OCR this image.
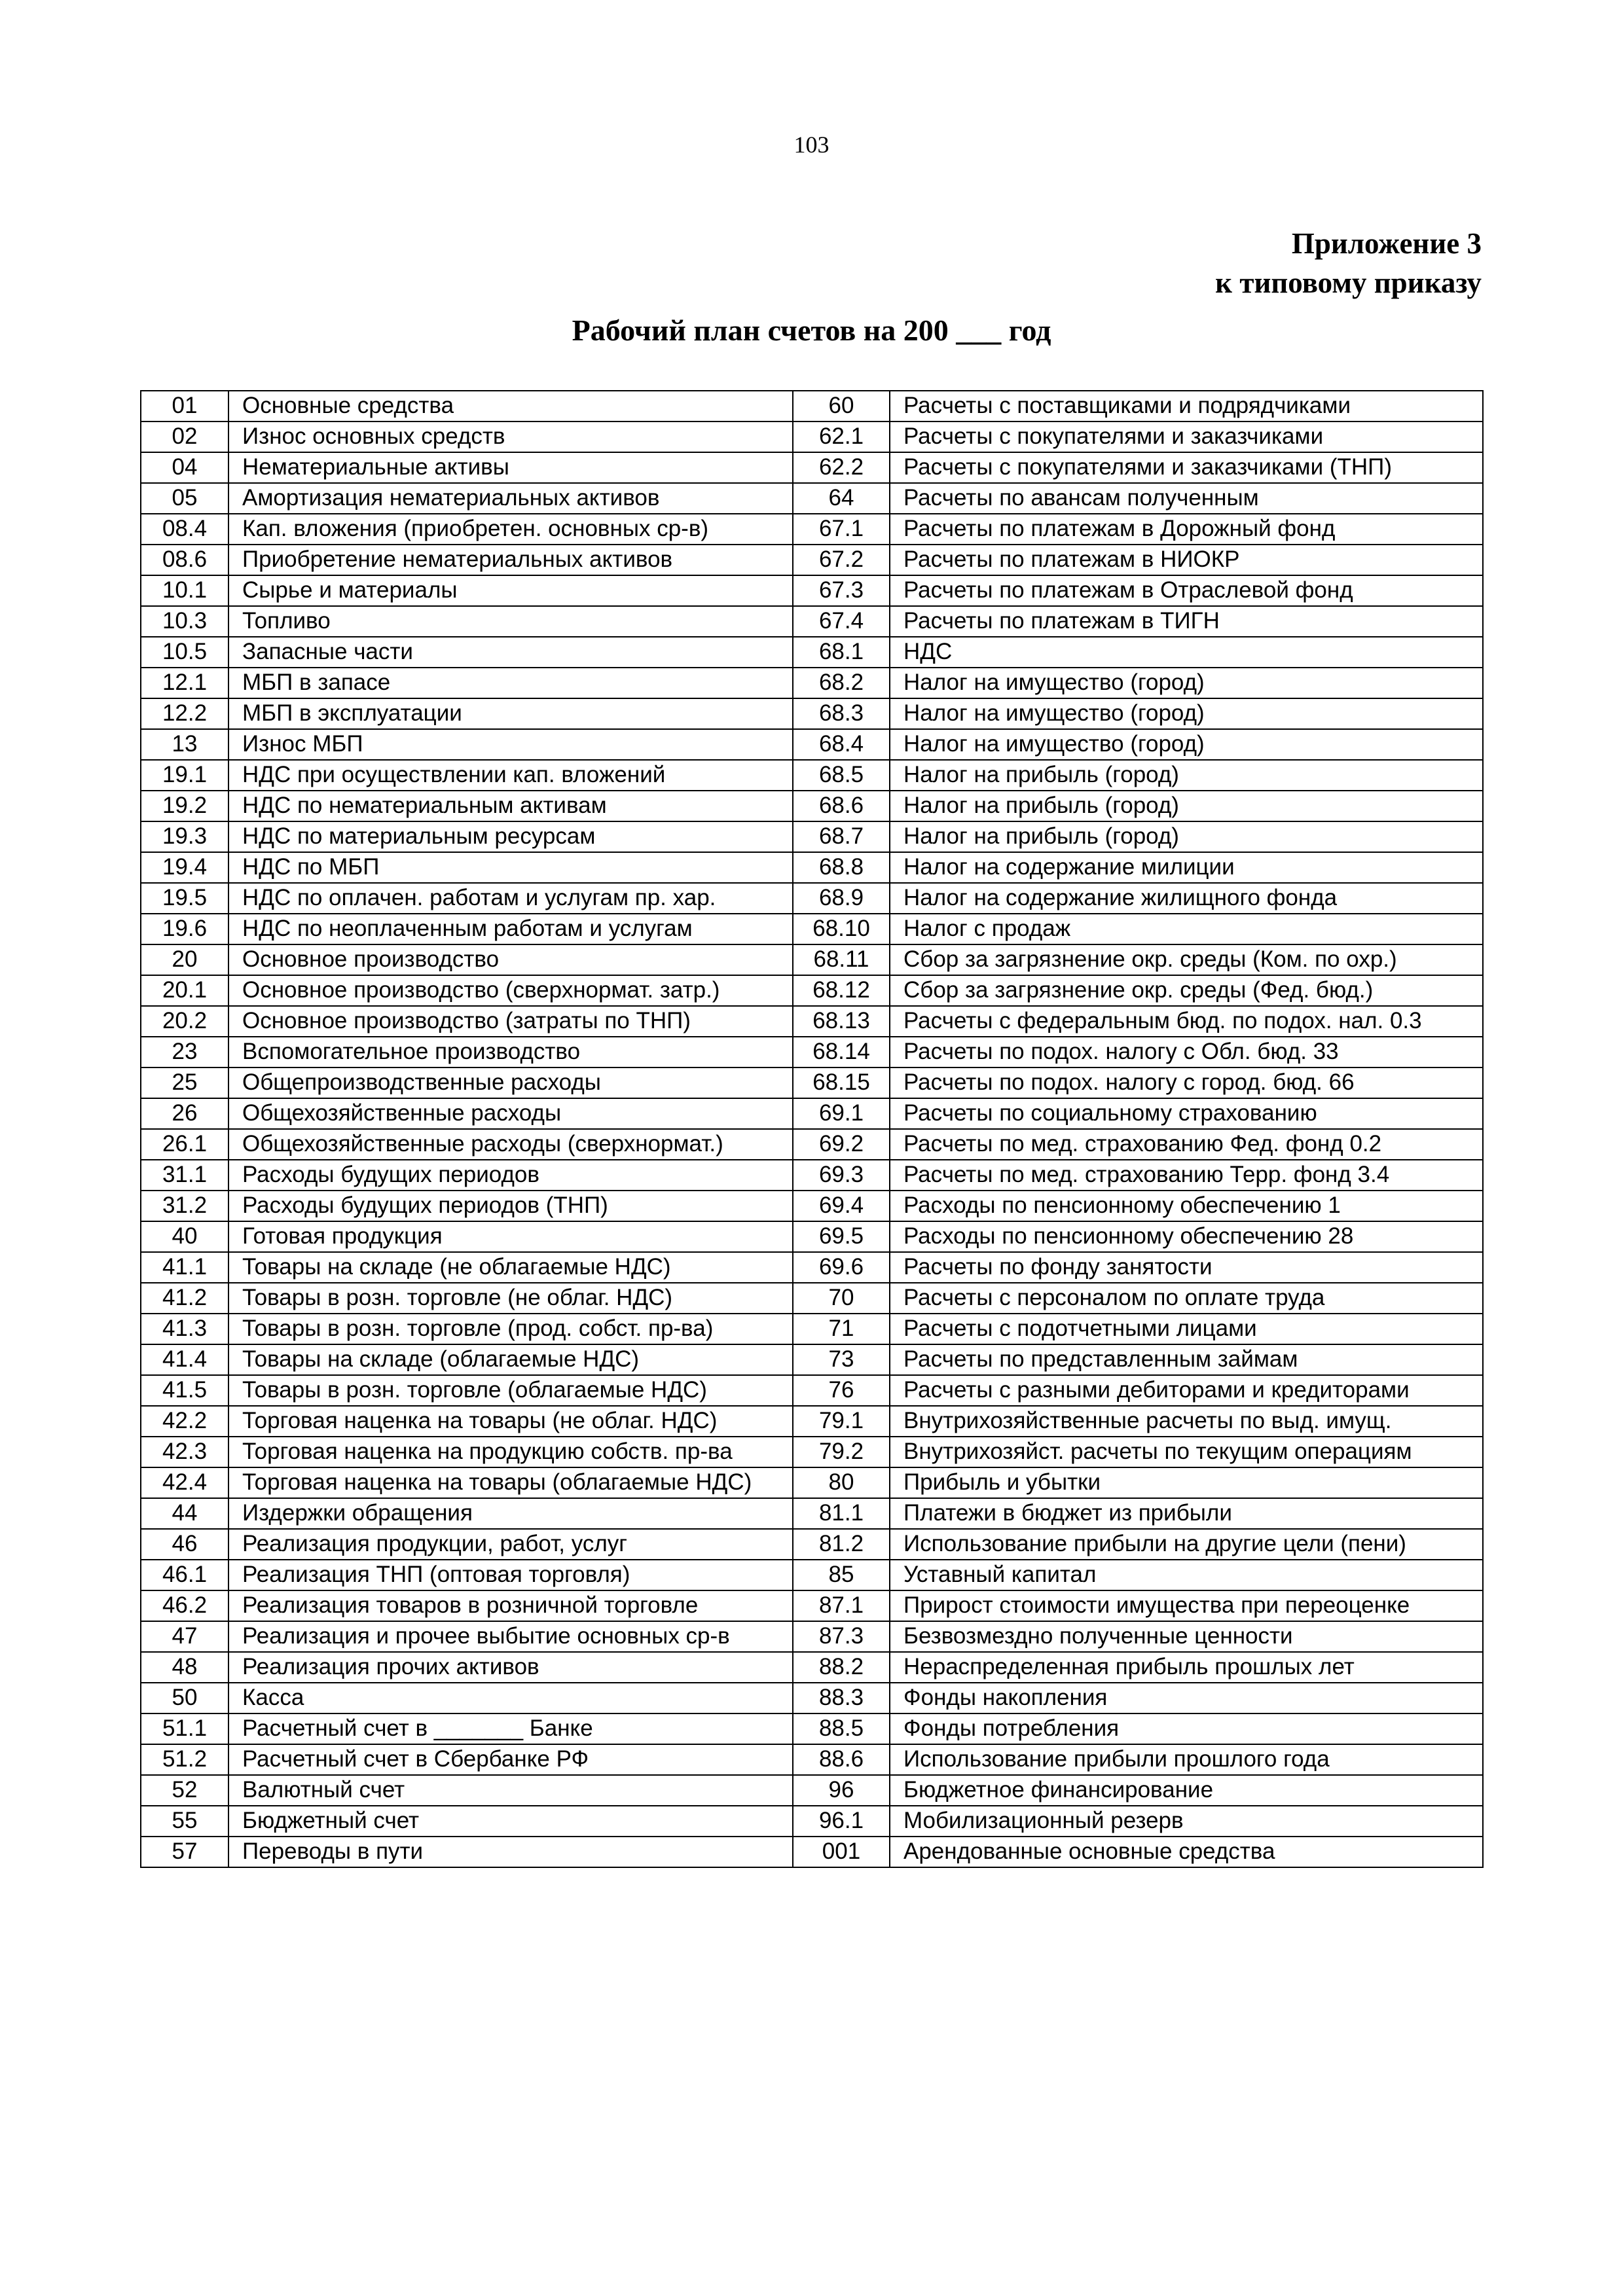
103
Приложение 3
к типовому приказу
Рабочий план счетов на 200 ___ год
01	Основные средства	60	Расчеты с поставщиками и подрядчиками
02	Износ основных средств	62.1	Расчеты с покупателями и заказчиками
04	Нематериальные активы	62.2	Расчеты с покупателями и заказчиками (ТНП)
05	Амортизация нематериальных активов	64	Расчеты по авансам полученным
08.4	Кап. вложения (приобретен. основных ср-в)	67.1	Расчеты по платежам в Дорожный фонд
08.6	Приобретение нематериальных активов	67.2	Расчеты по платежам в НИОКР
10.1	Сырье и материалы	67.3	Расчеты по платежам в Отраслевой фонд
10.3	Топливо	67.4	Расчеты по платежам в ТИГН
10.5	Запасные части	68.1	НДС
12.1	МБП в запасе	68.2	Налог на имущество (город)
12.2	МБП в эксплуатации	68.3	Налог на имущество (город)
13	Износ МБП	68.4	Налог на имущество (город)
19.1	НДС при осуществлении кап. вложений	68.5	Налог на прибыль (город)
19.2	НДС по нематериальным активам	68.6	Налог на прибыль (город)
19.3	НДС по материальным ресурсам	68.7	Налог на прибыль (город)
19.4	НДС по МБП	68.8	Налог на содержание милиции
19.5	НДС по оплачен. работам и услугам пр. хар.	68.9	Налог на содержание жилищного фонда
19.6	НДС по неоплаченным работам и услугам	68.10	Налог с продаж
20	Основное производство	68.11	Сбор за загрязнение окр. среды (Ком. по охр.)
20.1	Основное производство (сверхнормат. затр.)	68.12	Сбор за загрязнение окр. среды (Фед. бюд.)
20.2	Основное производство (затраты по ТНП)	68.13	Расчеты с федеральным бюд. по подох. нал. 0.3
23	Вспомогательное производство	68.14	Расчеты по подох. налогу с Обл. бюд. 33
25	Общепроизводственные расходы	68.15	Расчеты по подох. налогу с город. бюд. 66
26	Общехозяйственные расходы	69.1	Расчеты по социальному страхованию
26.1	Общехозяйственные расходы (сверхнормат.)	69.2	Расчеты по мед. страхованию Фед. фонд 0.2
31.1	Расходы будущих периодов	69.3	Расчеты по мед. страхованию Терр. фонд 3.4
31.2	Расходы будущих периодов (ТНП)	69.4	Расходы по пенсионному обеспечению 1
40	Готовая продукция	69.5	Расходы по пенсионному обеспечению 28
41.1	Товары на складе (не облагаемые НДС)	69.6	Расчеты по фонду занятости
41.2	Товары в розн. торговле (не облаг. НДС)	70	Расчеты с персоналом по оплате труда
41.3	Товары в розн. торговле (прод. собст. пр-ва)	71	Расчеты с подотчетными лицами
41.4	Товары на складе (облагаемые НДС)	73	Расчеты по представленным займам
41.5	Товары в розн. торговле (облагаемые НДС)	76	Расчеты с разными дебиторами и кредиторами
42.2	Торговая наценка на товары (не облаг. НДС)	79.1	Внутрихозяйственные расчеты по выд. имущ.
42.3	Торговая наценка на продукцию собств. пр-ва	79.2	Внутрихозяйст. расчеты по текущим операциям
42.4	Торговая наценка на товары (облагаемые НДС)	80	Прибыль и убытки
44	Издержки обращения	81.1	Платежи в бюджет из прибыли
46	Реализация продукции, работ, услуг	81.2	Использование прибыли на другие цели (пени)
46.1	Реализация ТНП (оптовая торговля)	85	Уставный капитал
46.2	Реализация товаров в розничной торговле	87.1	Прирост стоимости имущества при переоценке
47	Реализация и прочее выбытие основных ср-в	87.3	Безвозмездно полученные ценности
48	Реализация прочих активов	88.2	Нераспределенная прибыль прошлых лет
50	Касса	88.3	Фонды накопления
51.1	Расчетный счет в _______ Банке	88.5	Фонды потребления
51.2	Расчетный счет в Сбербанке РФ	88.6	Использование прибыли прошлого года
52	Валютный счет	96	Бюджетное финансирование
55	Бюджетный счет	96.1	Мобилизационный резерв
57	Переводы в пути	001	Арендованные основные средства
